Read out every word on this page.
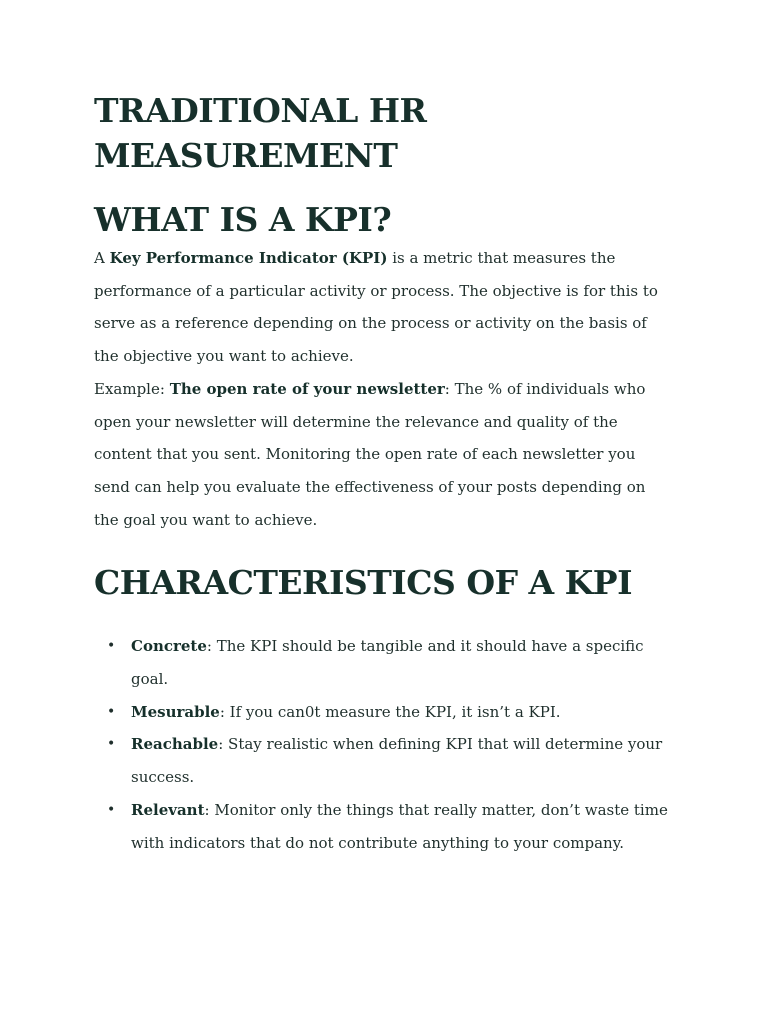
TRADITIONAL HR MEASUREMENT
WHAT IS A KPI?

A Key Performance Indicator (KPI) is a metric that measures the performance of a particular activity or process. The objective is for this to serve as a reference depending on the process or activity on the basis of the objective you want to achieve.

Example: The open rate of your newsletter: The % of individuals who open your newsletter will determine the relevance and quality of the content that you sent. Monitoring the open rate of each newsletter you send can help you evaluate the effectiveness of your posts depending on the goal you want to achieve.

CHARACTERISTICS OF A KPI
• Concrete: The KPI should be tangible and it should have a specific goal.
• Mesurable: If you can0t measure the KPI, it isn’t a KPI.
• Reachable: Stay realistic when defining KPI that will determine your success.
• Relevant: Monitor only the things that really matter, don’t waste time with indicators that do not contribute anything to your company.
